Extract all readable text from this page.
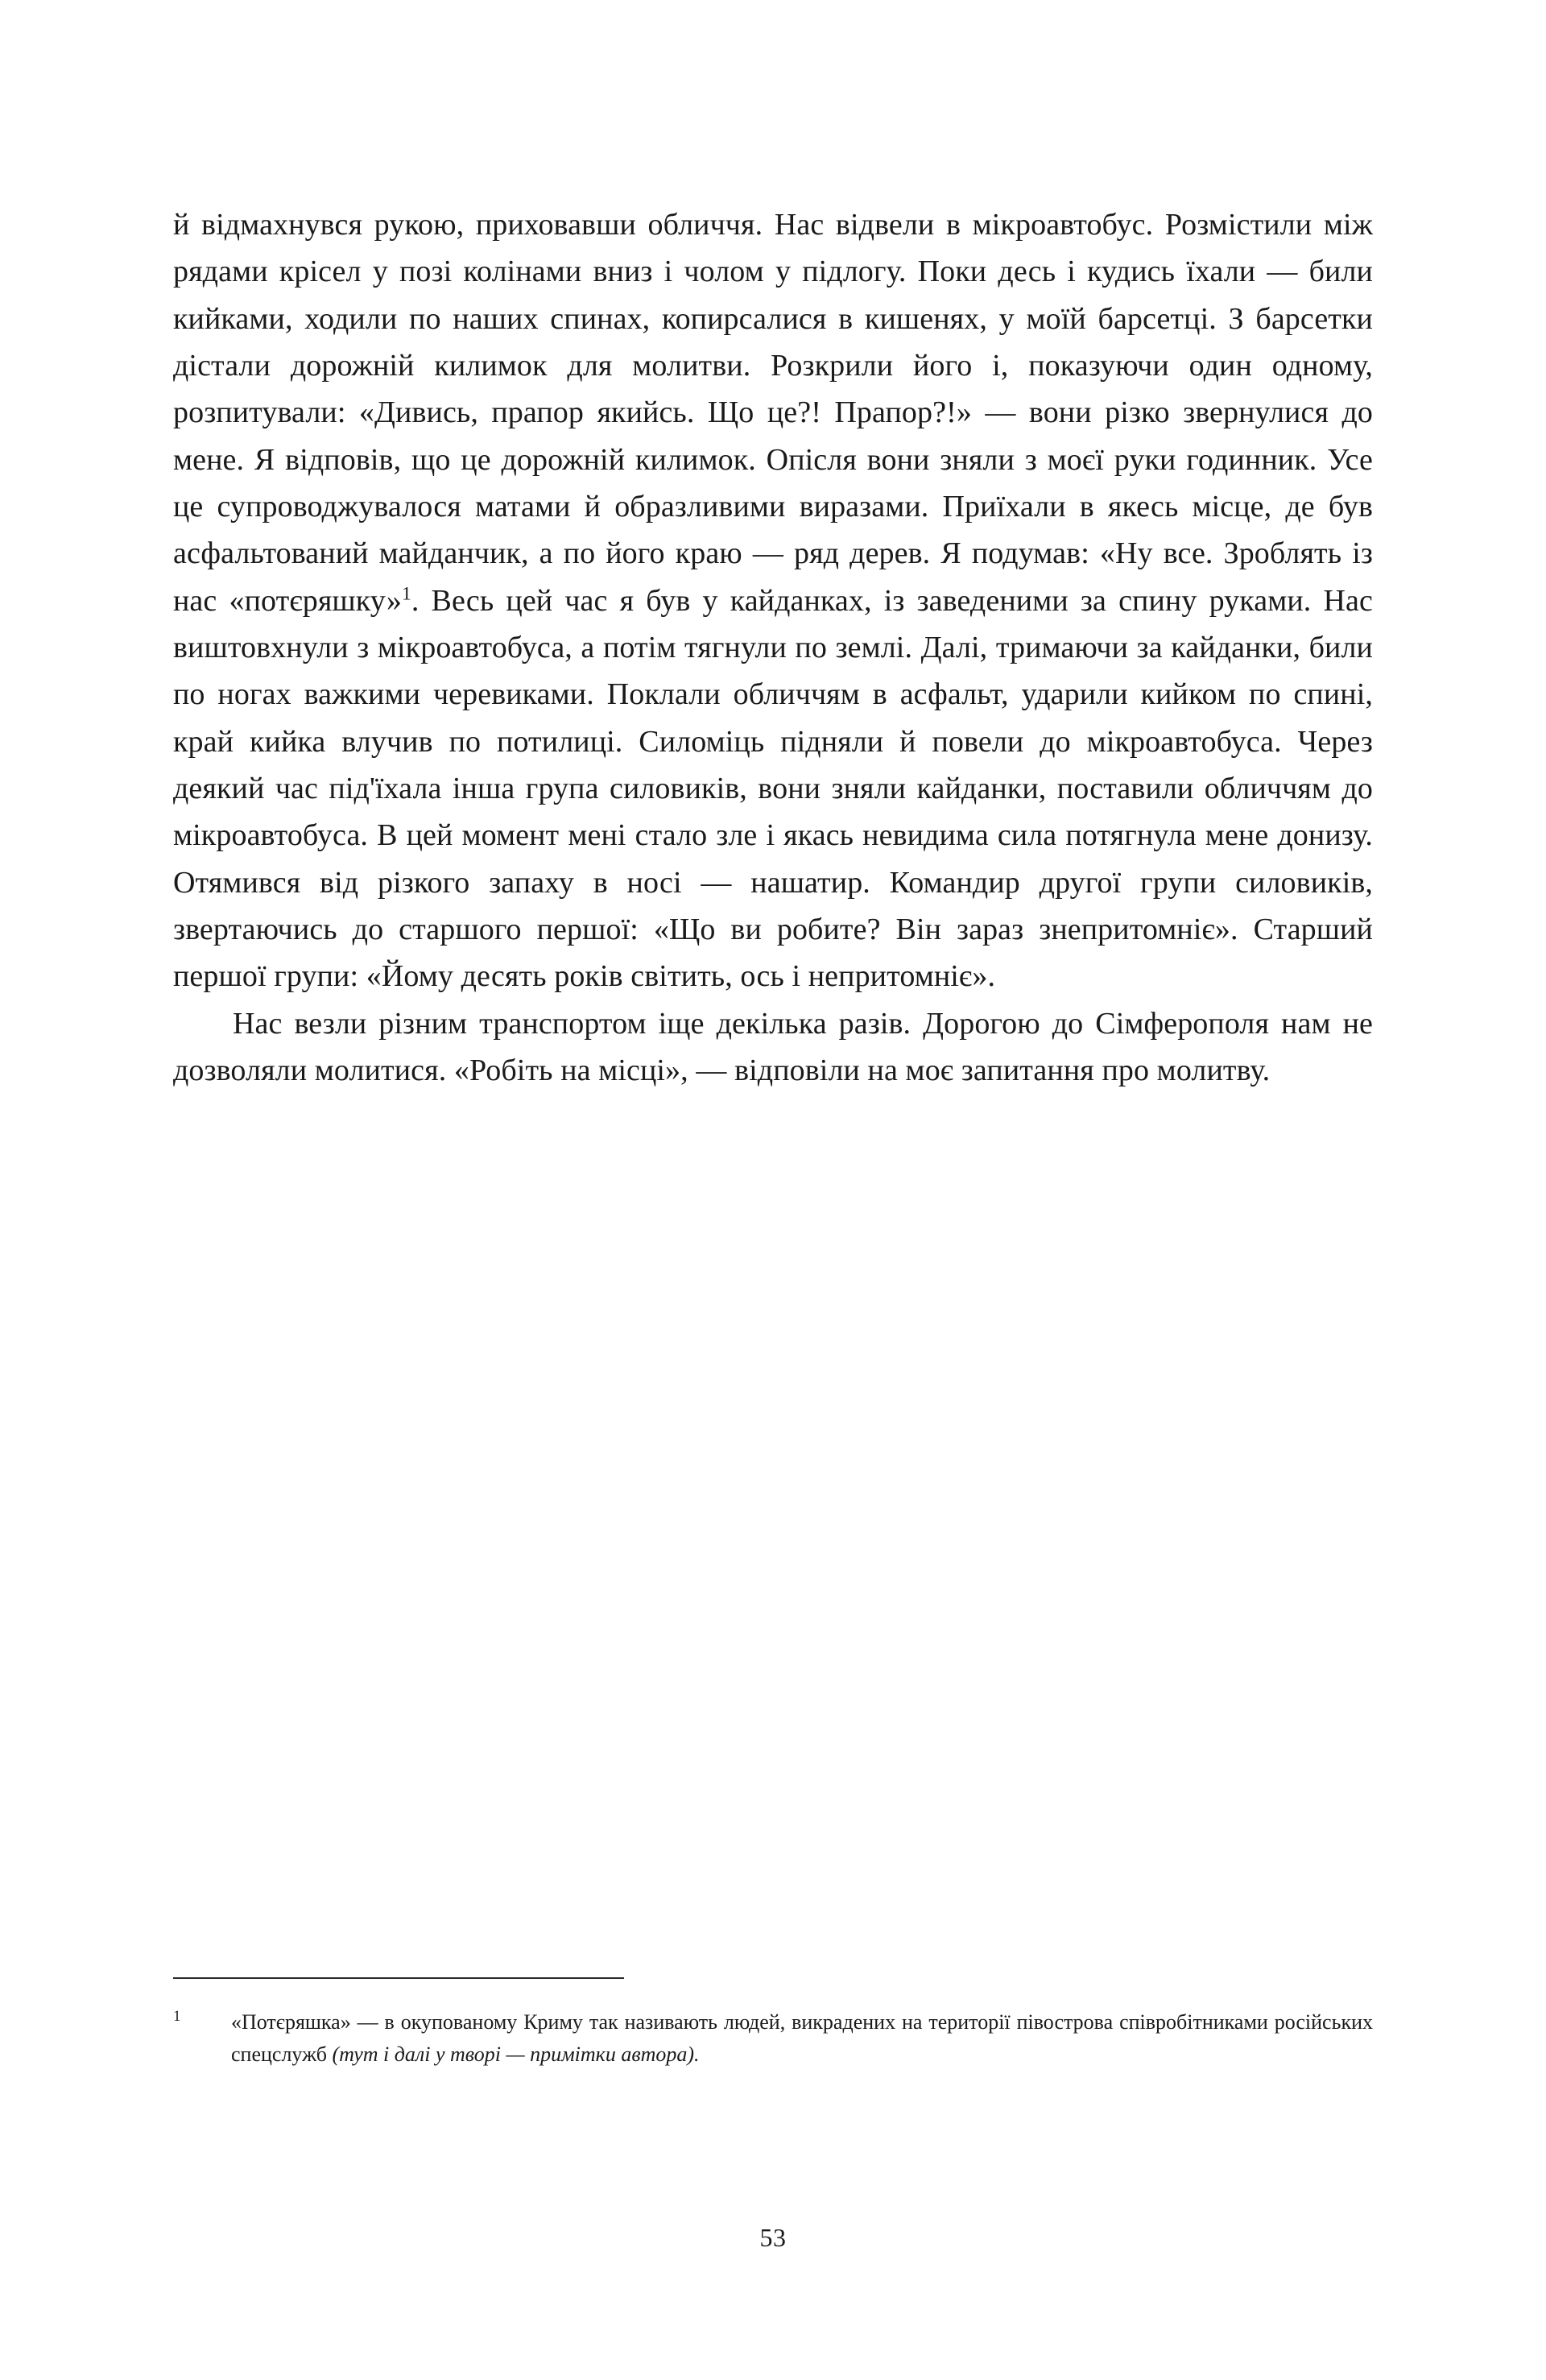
й відмахнувся рукою, приховавши обличчя. Нас відвели в мікроавтобус. Розмістили між рядами крісел у позі колінами вниз і чолом у підлогу. Поки десь і кудись їхали — били кийками, ходили по наших спинах, копирсалися в кишенях, у моїй барсетці. З барсетки дістали дорожній килимок для молитви. Розкрили його і, показуючи один одному, розпитували: «Дивись, прапор якийсь. Що це?! Прапор?!» — вони різко звернулися до мене. Я відповів, що це дорожній килимок. Опісля вони зняли з моєї руки годинник. Усе це супроводжувалося матами й образливими виразами. Приїхали в якесь місце, де був асфальтований майданчик, а по його краю — ряд дерев. Я подумав: «Ну все. Зроблять із нас «потєряшку»$^1$. Весь цей час я був у кайданках, із заведеними за спину руками. Нас виштовхнули з мікроавтобуса, а потім тягнули по землі. Далі, тримаючи за кайданки, били по ногах важкими черевиками. Поклали обличчям в асфальт, ударили кийком по спині, край кийка влучив по потилиці. Силоміць підняли й повели до мікроавтобуса. Через деякий час під'їхала інша група силовиків, вони зняли кайданки, поставили обличчям до мікроавтобуса. В цей момент мені стало зле і якась невидима сила потягнула мене донизу. Отямився від різкого запаху в носі — нашатир. Командир другої групи силовиків, звертаючись до старшого першої: «Що ви робите? Він зараз знепритомніє». Старший першої групи: «Йому десять років світить, ось і непритомніє».

Нас везли різним транспортом іще декілька разів. Дорогою до Сімферополя нам не дозволяли молитися. «Робіть на місці», — відповіли на моє запитання про молитву.

1	«Потєряшка» — в окупованому Криму так називають людей, викрадених на території півострова співробітниками російських спецслужб (тут і далі у творі — примітки автора).
53
